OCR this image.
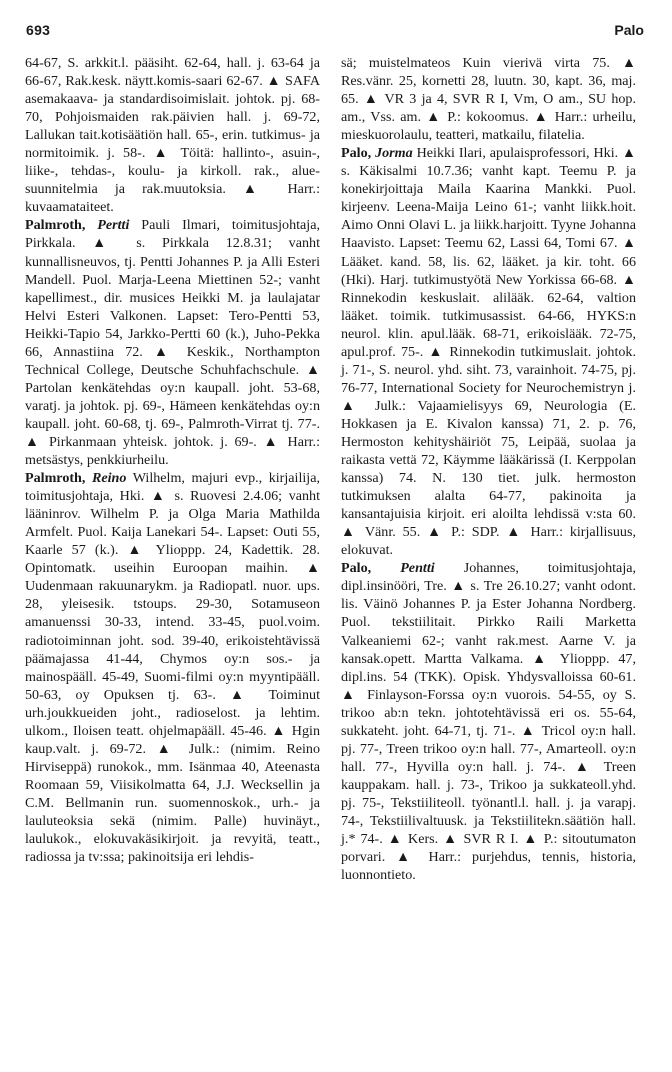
693	Palo

64-67, S. arkkit.l. pääsiht. 62-64, hall. j. 63-64 ja 66-67, Rak.kesk. näytt.komis-saari 62-67. ▲ SAFA asemakaava- ja standardisoimislait. johtok. pj. 68-70, Pohjoismaiden rak.päivien hall. j. 69-72, Lallukan tait.kotisäätiön hall. 65-, erin. tutkimus- ja normitoimik. j. 58-. ▲ Töitä: hallinto-, asuin-, liike-, tehdas-, koulu- ja kirkoll. rak., alue-suunnitelmia ja rak.muutoksia. ▲ Harr.: kuvaamataiteet.

Palmroth, Pertti Pauli Ilmari, toimitusjohtaja, Pirkkala. ▲ s. Pirkkala 12.8.31; vanht kunnallisneuvos, tj. Pentti Johannes P. ja Alli Esteri Mandell. Puol. Marja-Leena Miettinen 52-; vanht kapellimest., dir. musices Heikki M. ja laulajatar Helvi Esteri Valkonen. Lapset: Tero-Pentti 53, Heikki-Tapio 54, Jarkko-Pertti 60 (k.), Juho-Pekka 66, Annastiina 72. ▲ Keskik., Northampton Technical College, Deutsche Schuhfachschule. ▲ Partolan kenkätehdas oy:n kaupall. joht. 53-68, varatj. ja johtok. pj. 69-, Hämeen kenkätehdas oy:n kaupall. joht. 60-68, tj. 69-, Palmroth-Virrat tj. 77-. ▲ Pirkanmaan yhteisk. johtok. j. 69-. ▲ Harr.: metsästys, penkkiurheilu.

Palmroth, Reino Wilhelm, majuri evp., kirjailija, toimitusjohtaja, Hki. ▲ s. Ruovesi 2.4.06; vanht lääninrov. Wilhelm P. ja Olga Maria Mathilda Armfelt. Puol. Kaija Lanekari 54-. Lapset: Outi 55, Kaarle 57 (k.). ▲ Ylioppp. 24, Kadettik. 28. Opintomatk. useihin Euroopan maihin. ▲ Uudenmaan rakuunarykm. ja Radiopatl. nuor. ups. 28, yleisesik. tstoups. 29-30, Sotamuseon amanuenssi 30-33, intend. 33-45, puol.voim. radiotoiminnan joht. sod. 39-40, erikoistehtävissä päämajassa 41-44, Chymos oy:n sos.- ja mainospääll. 45-49, Suomi-filmi oy:n myyntipääll. 50-63, oy Opuksen tj. 63-. ▲ Toiminut urh.joukkueiden joht., radioselost. ja lehtim. ulkom., Iloisen teatt. ohjelmapääll. 45-46. ▲ Hgin kaup.valt. j. 69-72. ▲ Julk.: (nimim. Reino Hirviseppä) runokok., mm. Isänmaa 40, Ateenasta Roomaan 59, Viisikolmatta 64, J.J. Wecksellin ja C.M. Bellmanin run. suomennoskok., urh.- ja lauluteoksia sekä (nimim. Palle) huvinäyt., laulukok., elokuvakäsikirjoit. ja revyitä, teatt., radiossa ja tv:ssa; pakinoitsija eri lehdis-

sä; muistelmateos Kuin vierivä virta 75. ▲ Res.vänr. 25, kornetti 28, luutn. 30, kapt. 36, maj. 65. ▲ VR 3 ja 4, SVR R I, Vm, O am., SU hop. am., Vss. am. ▲ P.: kokoomus. ▲ Harr.: urheilu, mieskuorolaulu, teatteri, matkailu, filatelia.

Palo, Jorma Heikki Ilari, apulaisprofessori, Hki. ▲ s. Käkisalmi 10.7.36; vanht kapt. Teemu P. ja konekirjoittaja Maila Kaarina Mankki. Puol. kirjeenv. Leena-Maija Leino 61-; vanht liikk.hoit. Aimo Onni Olavi L. ja liikk.harjoitt. Tyyne Johanna Haavisto. Lapset: Teemu 62, Lassi 64, Tomi 67. ▲ Lääket. kand. 58, lis. 62, lääket. ja kir. toht. 66 (Hki). Harj. tutkimustyötä New Yorkissa 66-68. ▲ Rinnekodin keskuslait. alilääk. 62-64, valtion lääket. toimik. tutkimusassist. 64-66, HYKS:n neurol. klin. apul.lääk. 68-71, erikoislääk. 72-75, apul.prof. 75-. ▲ Rinnekodin tutkimuslait. johtok. j. 71-, S. neurol. yhd. siht. 73, varainhoit. 74-75, pj. 76-77, International Society for Neurochemistryn j. ▲ Julk.: Vajaamielisyys 69, Neurologia (E. Hokkasen ja E. Kivalon kanssa) 71, 2. p. 76, Hermoston kehityshäiriöt 75, Leipää, suolaa ja raikasta vettä 72, Käymme lääkärissä (I. Kerppolan kanssa) 74. N. 130 tiet. julk. hermoston tutkimuksen alalta 64-77, pakinoita ja kansantajuisia kirjoit. eri aloilta lehdissä v:sta 60. ▲ Vänr. 55. ▲ P.: SDP. ▲ Harr.: kirjallisuus, elokuvat.

Palo, Pentti Johannes, toimitusjohtaja, dipl.insinööri, Tre. ▲ s. Tre 26.10.27; vanht odont. lis. Väinö Johannes P. ja Ester Johanna Nordberg. Puol. tekstiilitait. Pirkko Raili Marketta Valkeaniemi 62-; vanht rak.mest. Aarne V. ja kansak.opett. Martta Valkama. ▲ Ylioppp. 47, dipl.ins. 54 (TKK). Opisk. Yhdysvalloissa 60-61. ▲ Finlayson-Forssa oy:n vuorois. 54-55, oy S. trikoo ab:n tekn. johtotehtävissä eri os. 55-64, sukkateht. joht. 64-71, tj. 71-. ▲ Tricol oy:n hall. pj. 77-, Treen trikoo oy:n hall. 77-, Amarteoll. oy:n hall. 77-, Hyvilla oy:n hall. j. 74-. ▲ Treen kauppakam. hall. j. 73-, Trikoo ja sukkateoll.yhd. pj. 75-, Tekstiiliteoll. työnantl.l. hall. j. ja varapj. 74-, Tekstiilivaltuusk. ja Tekstiilitekn.säätiön hall. j.* 74-. ▲ Kers. ▲ SVR R I. ▲ P.: sitoutumaton porvari. ▲ Harr.: purjehdus, tennis, historia, luonnontieto.
